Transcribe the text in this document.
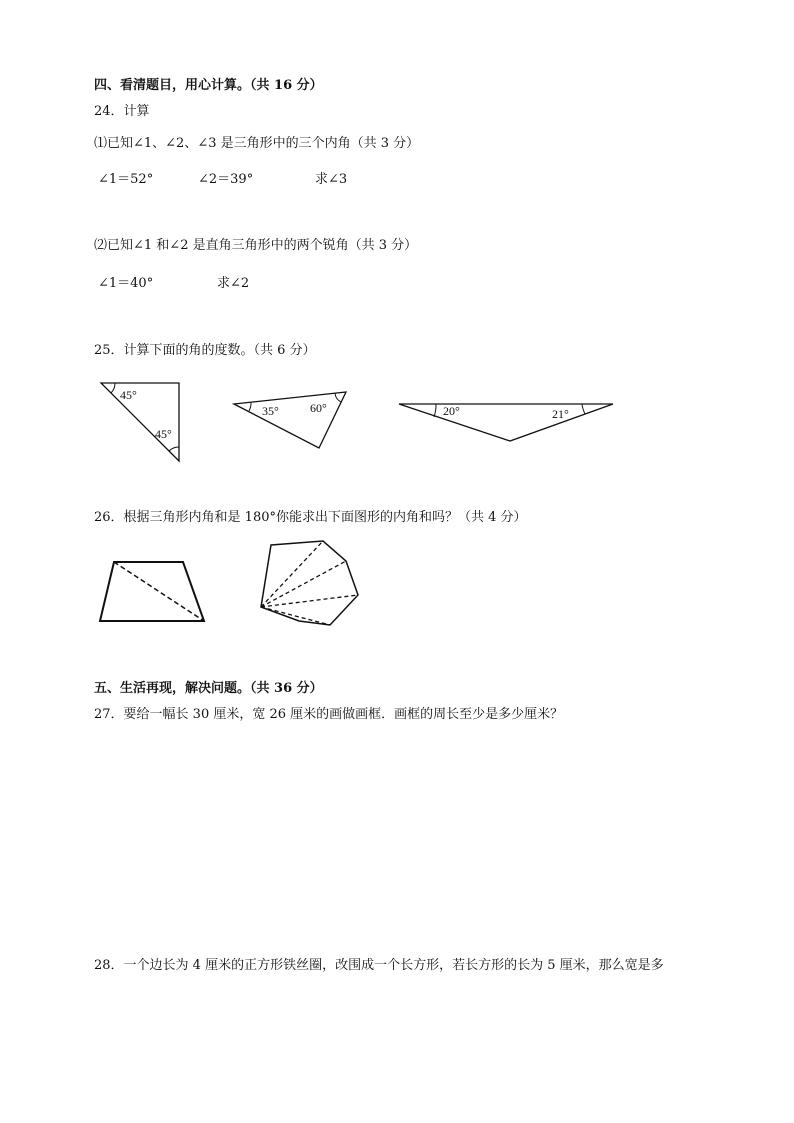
四、看清题目，用心计算。（共 16 分）
24．计算
⑴已知∠1、∠2、∠3 是三角形中的三个内角（共 3 分）
∠1＝52°	∠2＝39°	求∠3
⑵已知∠1 和∠2 是直角三角形中的两个锐角（共 3 分）
∠1＝40°	求∠2
25．计算下面的角的度数。（共 6 分）
45°
45°
35°	60°	20°	21°
26．根据三角形内角和是 180°你能求出下面图形的内角和吗？（共 4 分）
五、生活再现，解决问题。（共 36 分）
27．要给一幅长 30 厘米，宽 26 厘米的画做画框．画框的周长至少是多少厘米？
28．一个边长为 4 厘米的正方形铁丝圈，改围成一个长方形，若长方形的长为 5 厘米，那么宽是多
